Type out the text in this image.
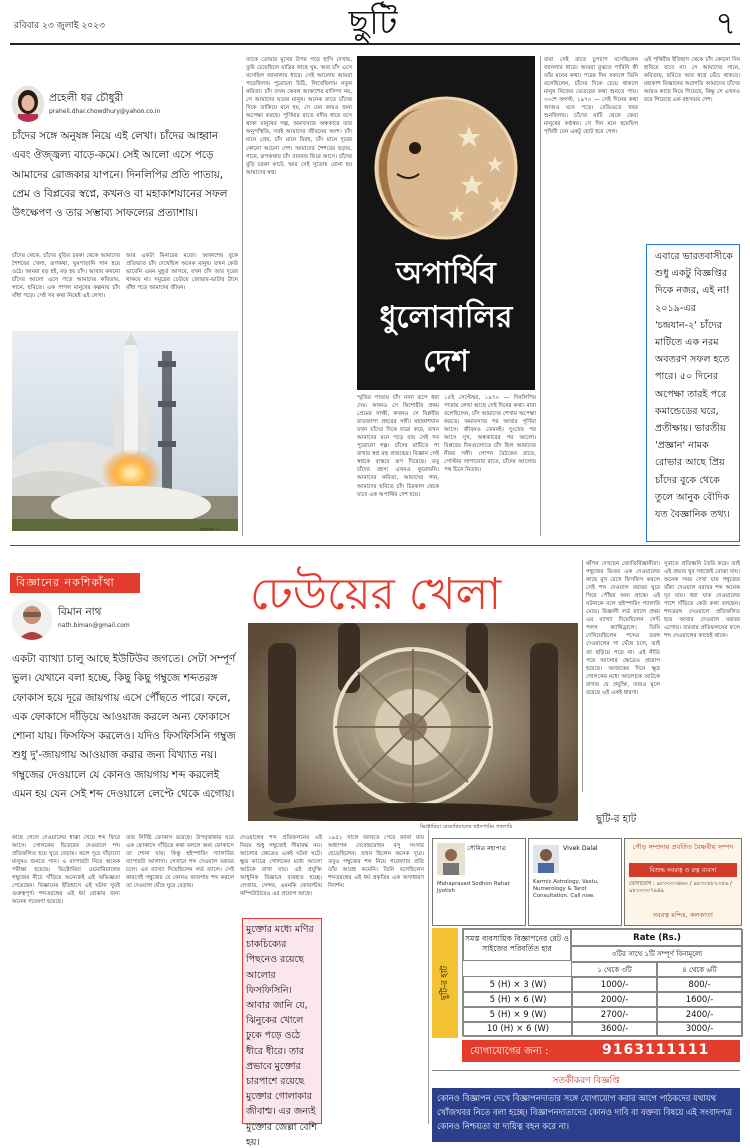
রবিবার ২৩ জুলাই ২০২৩	ছুটি	৭
প্রহেলী ধর চৌধুরী
praheli.dhar.chowdhury@yahoo.co.in
চাঁদের সঙ্গে অনুষঙ্গ নিয়ে এই লেখা। চাঁদের আহ্বান এবং ঔজ্জ্বল্য বাড়ে-কমে। সেই আলো এসে পড়ে আমাদের রোজকার যাপনে। দিনলিপির প্রতি পাতায়, প্রেম ও বিপ্লবের স্বপ্নে, কখনও বা মহাকাশযানের সফল উৎক্ষেপণ ও তার সম্ভাব্য সাফল্যের প্রত্যাশায়।
চাঁদের থেকে, চাঁদের বুড়ির চরকা থেকে আমাদের শৈশবের খেলা, রূপকথা, ঘুমপাড়ানি গান হয়ে ওঠে। আমরা বড় হই, বড় হয় চাঁদ। আবার কখনো চাঁদের আলো এসে পড়ে আমাদের কবিতায়, গানে, ছবিতে। এক পাগল মানুষের কল্পনায় চাঁদ বাঁধা পড়ে। সেই সব কথা নিয়েই এই লেখা।
আর একটা মিনারের মতো। আকাশের বুকে প্রতিভাত চাঁদ দেখেছিল অনেক মানুষ। তখন কেউ ভাবেনি এমন মুহূর্ত আসবে, যখন চাঁদ আর দূরের থাকবে না। সমুদ্রের ঢেউয়ে জোয়ার-ভাটার টানে বাঁধা পড়ে আমাদের জীবন।
চন্দ্রযান ৩
তাকে তোমার মুখের উপর পড়ে হাসি দেখায়, তুমি চেয়েছিলে রাত্রির কাছে ঘুম, আর চাঁদ এসে বসেছিল জানালার ধারে। সেই আলোয় আমরা পড়েছিলাম পুরোনো চিঠি, লিখেছিলাম নতুন কবিতা। চাঁদ তখন কেবল আকাশের বাসিন্দা নয়, সে আমাদের ঘরের মানুষ। অনেক রাতে চাঁদের দিকে তাকিয়ে মনে হয়, সে যেন কারও জন্য অপেক্ষা করছে। পূর্ণিমার রাতে নদীর ধারে বসে থাকা মানুষের গল্প, অমাবস্যার অন্ধকারে তার অনুপস্থিতি, সবই আমাদের জীবনের অংশ। চাঁদ মানে প্রেম, চাঁদ মানে বিরহ, চাঁদ মানে দূরের কোনো অচেনা দেশ। আমাদের শৈশবের ছড়ায়, গানে, রূপকথায় চাঁদ বারবার ফিরে আসে। চাঁদের বুড়ি চরকা কাটে, আর সেই সুতোয় বোনা হয় আমাদের স্বপ্ন।
অপার্থিব
ধুলোবালির
দেশ
স্মৃতির পাতায় চাঁদ নানা রূপে ধরা দেয়। কখনও সে কিশোরীর প্রথম প্রেমের সাক্ষী, কখনও সে বিপ্লবীর রাতজাগা প্রহরের সঙ্গী। মহাকাশযান যখন চাঁদের দিকে যাত্রা করে, তখন আমাদের মনে পড়ে যায় সেই সব পুরোনো গল্প। চাঁদের মাটিতে পা রাখার স্বপ্ন বহু প্রজন্মের। বিজ্ঞান সেই স্বপ্নকে বাস্তবে রূপ দিয়েছে। তবু চাঁদের রহস্য এখনও ফুরোয়নি। আমাদের কবিতা, আমাদের গান, আমাদের ছবিতে চাঁদ চিরকাল থেকে যাবে এক অপার্থিব দেশ হয়ে।
১৫ই সেপ্টেম্বর, ১৯৭০ — দিনলিপির পাতায় লেখা আছে সেই দিনের কথা। বাবা বলেছিলেন, চাঁদ আমাদের শেখায় অপেক্ষা করতে। অমাবস্যার পর আবার পূর্ণিমা আসে। জীবনও তেমনই। দুঃখের পর আসে সুখ, অন্ধকারের পর আলো। বিপ্লবের দিনগুলোতে চাঁদ ছিল আমাদের নীরব সঙ্গী। গোপন বৈঠকের রাতে, পোস্টার লাগানোর রাতে, চাঁদের আলোয় পথ চিনে নিতাম।
বাবা সেই রাতে চুপচাপ বসেছিলেন জানলার ধারে। আমরা বুঝতে পারিনি কী তাঁর মনের কথা। পরের দিন সকালে তিনি বলেছিলেন, চাঁদের দিকে চেয়ে থাকলে মানুষ নিজের ভেতরের কথা শুনতে পায়। ৩০শে অগস্ট, ১৯৭০ — সেই দিনের কথা আজও মনে পড়ে। রেডিওতে খবর শুনছিলাম। চাঁদের মাটি থেকে ফেরা মানুষের কণ্ঠস্বর। সে দিন মনে হয়েছিল পৃথিবী যেন একটু ছোট হয়ে গেল।
এই পৃথিবীর ইতিহাস থেকে চাঁদ কোনো দিন হারিয়ে যাবে না। সে আমাদের গানে, কবিতায়, ছবিতে আর স্বপ্নে বেঁচে থাকবে। মহাকাশ বিজ্ঞানের অগ্রগতি আমাদের চাঁদের আরও কাছে নিয়ে গিয়েছে, কিন্তু সে এখনও রয়ে গিয়েছে এক রহস্যময় দেশ।
এবারে ভারতবাসীকে শুধু একটু বিজ্ঞপ্তির দিকে নজর, এই না! ২০১৯-এর 'চন্দ্রযান-২' চাঁদের মাটিতে এক নরম অবতরণ সফল হতে পারে। ৫০ দিনের অপেক্ষা তারই পরে কমান্ডেডের ঘরে, প্রতীক্ষায়। ভারতীয় 'প্রজ্ঞান' নামক রোভার আছে প্রিয় চাঁদের বুকে থেকে তুলে আনুক বৌদিক যত বৈজ্ঞানিক তথ্য।
বিজ্ঞানের নকশিকাঁথা
বিমান নাথ
nath.biman@gmail.com
একটা ব্যাখ্যা চালু আছে ইউটিউব জগতে। সেটা সম্পূর্ণ ভুল। যেখানে বলা হচ্ছে, কিছু কিছু গম্বুজে শব্দতরঙ্গ ফোকাস হয়ে দূরে জায়গায় এসে পৌঁছতে পারে। ফলে, এক ফোকাসে দাঁড়িয়ে আওয়াজ করলে অন্য ফোকাসে শোনা যায়। ফিসফিস করলেও। যদিও ফিসফিসিনি গম্বুজ শুধু দু'-জায়গায় আওয়াজ করার জন্য বিখ্যাত নয়। গম্বুজের দেওয়ালে যে কোনও জায়গায় শব্দ করলেই এমন হয় যেন সেই শব্দ দেওয়ালে লেপ্টে থেকে এগোয়।
ঢেউয়ের খেলা
ভিক্টোরিয়া মেমোরিয়ালের হুইসপারিং গ্যালারি
কাঁপন দেখছেন জোতির্বিজ্ঞানীরা। গম্বুজের ভিতর এক দেওয়ালের কাছে মুখ রেখে ফিসফিস করলে সেই শব্দ দেওয়াল বরাবর ঘুরে গিয়ে পৌঁছয় অন্য প্রান্তে। এই ঘটনাকে বলে হুইস্পারিং গ্যালারি মোড। বিজ্ঞানী লর্ড র‍্যালে প্রথম এর ব্যাখ্যা দিয়েছিলেন সেন্ট পলস ক্যাথিড্রালে। তিনি দেখিয়েছিলেন শব্দের তরঙ্গ দেওয়ালের গা ঘেঁষে চলে, তাই তা ছড়িয়ে পড়ে না। এই নীতি পরে আলোর ক্ষেত্রেও প্রয়োগ হয়েছে। আজকের দিনে ক্ষুদ্র গোলকের মধ্যে আলোকে আটকে রাখার যে প্রযুক্তি, তারও মূলে রয়েছে এই একই ধারণা।
সুবাতে প্রতিধ্বনি তৈরি করে। তাই এই প্রভাব খুব সহজেই বোঝা যায়। অনেক সময় দেখা যায় গম্বুজের বাঁকা দেওয়াল বরাবর শব্দ অনেক দূর যায়। ধরা যাক দেওয়ালের পাশে দাঁড়িয়ে কেউ কথা বলছেন। শব্দতরঙ্গ দেওয়ালে প্রতিফলিত হয়ে আবার দেওয়াল বরাবর এগোয়। বারবার প্রতিফলনের ফলে শব্দ দেওয়ালের কাছেই থাকে।
কাছে গেলে দেওয়ালের ধাক্কা খেয়ে শব্দ ফিরে আসে। গোলকের ভিতরের দেওয়ালে শব্দ প্রতিফলিত হয়ে ঘুরে বেড়ায়। ফলে দূরে দাঁড়ানো মানুষও শুনতে পান। এ ব্যাপারটা নিয়ে অনেক পরীক্ষা হয়েছে। ভিক্টোরিয়া মেমোরিয়ালের গম্বুজের নীচে দাঁড়িয়ে অনেকেই এই অভিজ্ঞতা পেয়েছেন। বিজ্ঞানের ইতিহাসে এই ঘটনা খুবই গুরুত্বপূর্ণ। শব্দতরঙ্গের এই ধর্ম বোঝার জন্য অনেক গবেষণা হয়েছে।
তার নির্দিষ্ট ফোকাস রয়েছে। উপবৃত্তাকার ঘরে এক ফোকাসে দাঁড়িয়ে কথা বললে অন্য ফোকাসে তা শোনা যায়। কিন্তু হুইস্পারিং গ্যালারির ব্যাপারটা আলাদা। সেখানে শব্দ দেওয়াল বরাবর চলে। এর ব্যাখ্যা দিয়েছিলেন লর্ড র‍্যালে। সেই কারণেই গম্বুজের যে কোনও জায়গায় শব্দ করলে তা দেওয়াল ঘেঁষে ঘুরে বেড়ায়।
দেওয়ালের শব্দ প্রতিফলনের এই নিয়ম শুধু গম্বুজেই সীমাবদ্ধ নয়। আলোর ক্ষেত্রেও একই ঘটনা ঘটে। ক্ষুদ্র কাচের গোলকের মধ্যে আলো আটকে রাখা যায়। এই প্রযুক্তি আধুনিক বিজ্ঞানে ব্যবহৃত হচ্ছে। লেজার, সেন্সর, এমনকি কোয়ান্টাম কম্পিউটারেও এর প্রয়োগ আছে।
মুক্তোর মধ্যে মণির চাকচিক্যের পিছনেও রয়েছে আলোর ফিসফিসিনি। আবার জানি যে, ঝিনুকের খোলে ঢুকে পড়ে ওঠে ধীরে ধীরে। তার প্রভাবে মুক্তোর চারপাশে রয়েছে মুক্তোর গোলাকার জীবাশ্ম। এর জন্যই মুক্তোর জেল্লা বেশি হয়।
১৯৫২ সালে জানতে পেরে জানা যায় অধ্যাপক দেবেন্দ্রমোহন বসু সংসার ছেড়েছিলেন। তখন ছিলেন অনেক দূরে। তবুও গম্বুজের শব্দ নিয়ে গবেষণার প্রতি তাঁর আগ্রহ কমেনি। তিনি বলেছিলেন শব্দতরঙ্গের এই ধর্ম প্রকৃতির এক অসাধারণ নিদর্শন।
ছুটি-র হাট
সৌমিত্র মহাপাত্র
Mahaprasad Sodhon Rahat Jyotish
Vivek Dalal
Karmic Astrology, Vastu, Numerology & Tarot Consultation. Call now.
গৌড় সম্প্রদায় প্রবর্তিত বৈষ্ণবীয় সম্পদ
বিশুদ্ধ নবরত্ন ও রত্ন ব্যবসা
যোগাযোগ : ৯৮৩৩০৩৪৬০ / ৯৮৩০৮৮২৩৫৬ / ৯৮৩০৩০৭৯৪৯
নবরত্ন মন্দির, কলকাতা
ছুটি-র হাট
সমস্ত ব্যবসায়িক বিজ্ঞাপনের রেট ও সাইজের পরিবর্তিত হার
Rate (Rs.)
৩টির সাথে ১টি সম্পূর্ণ বিনামূল্যে
১ থেকে ৩টি	৪ থেকে ৬টি
5 (H) × 3 (W)	1000/-	800/-
5 (H) × 6 (W)	2000/-	1600/-
5 (H) × 9 (W)	2700/-	2400/-
10 (H) × 6 (W)	3600/-	3000/-
যোগাযোগের জন্য :	9163111111
সতর্কীকরণ বিজ্ঞপ্তি
কোনও বিজ্ঞাপন দেখে বিজ্ঞাপনদাতার সঙ্গে যোগাযোগ করার আগে পাঠকদের যথাযথ খোঁজখবর নিতে বলা হচ্ছে। বিজ্ঞাপনদাতাদের কোনও দাবি বা বক্তব্য বিষয়ে এই সংবাদপত্র কোনও নিশ্চয়তা বা দায়িত্ব বহন করে না।
